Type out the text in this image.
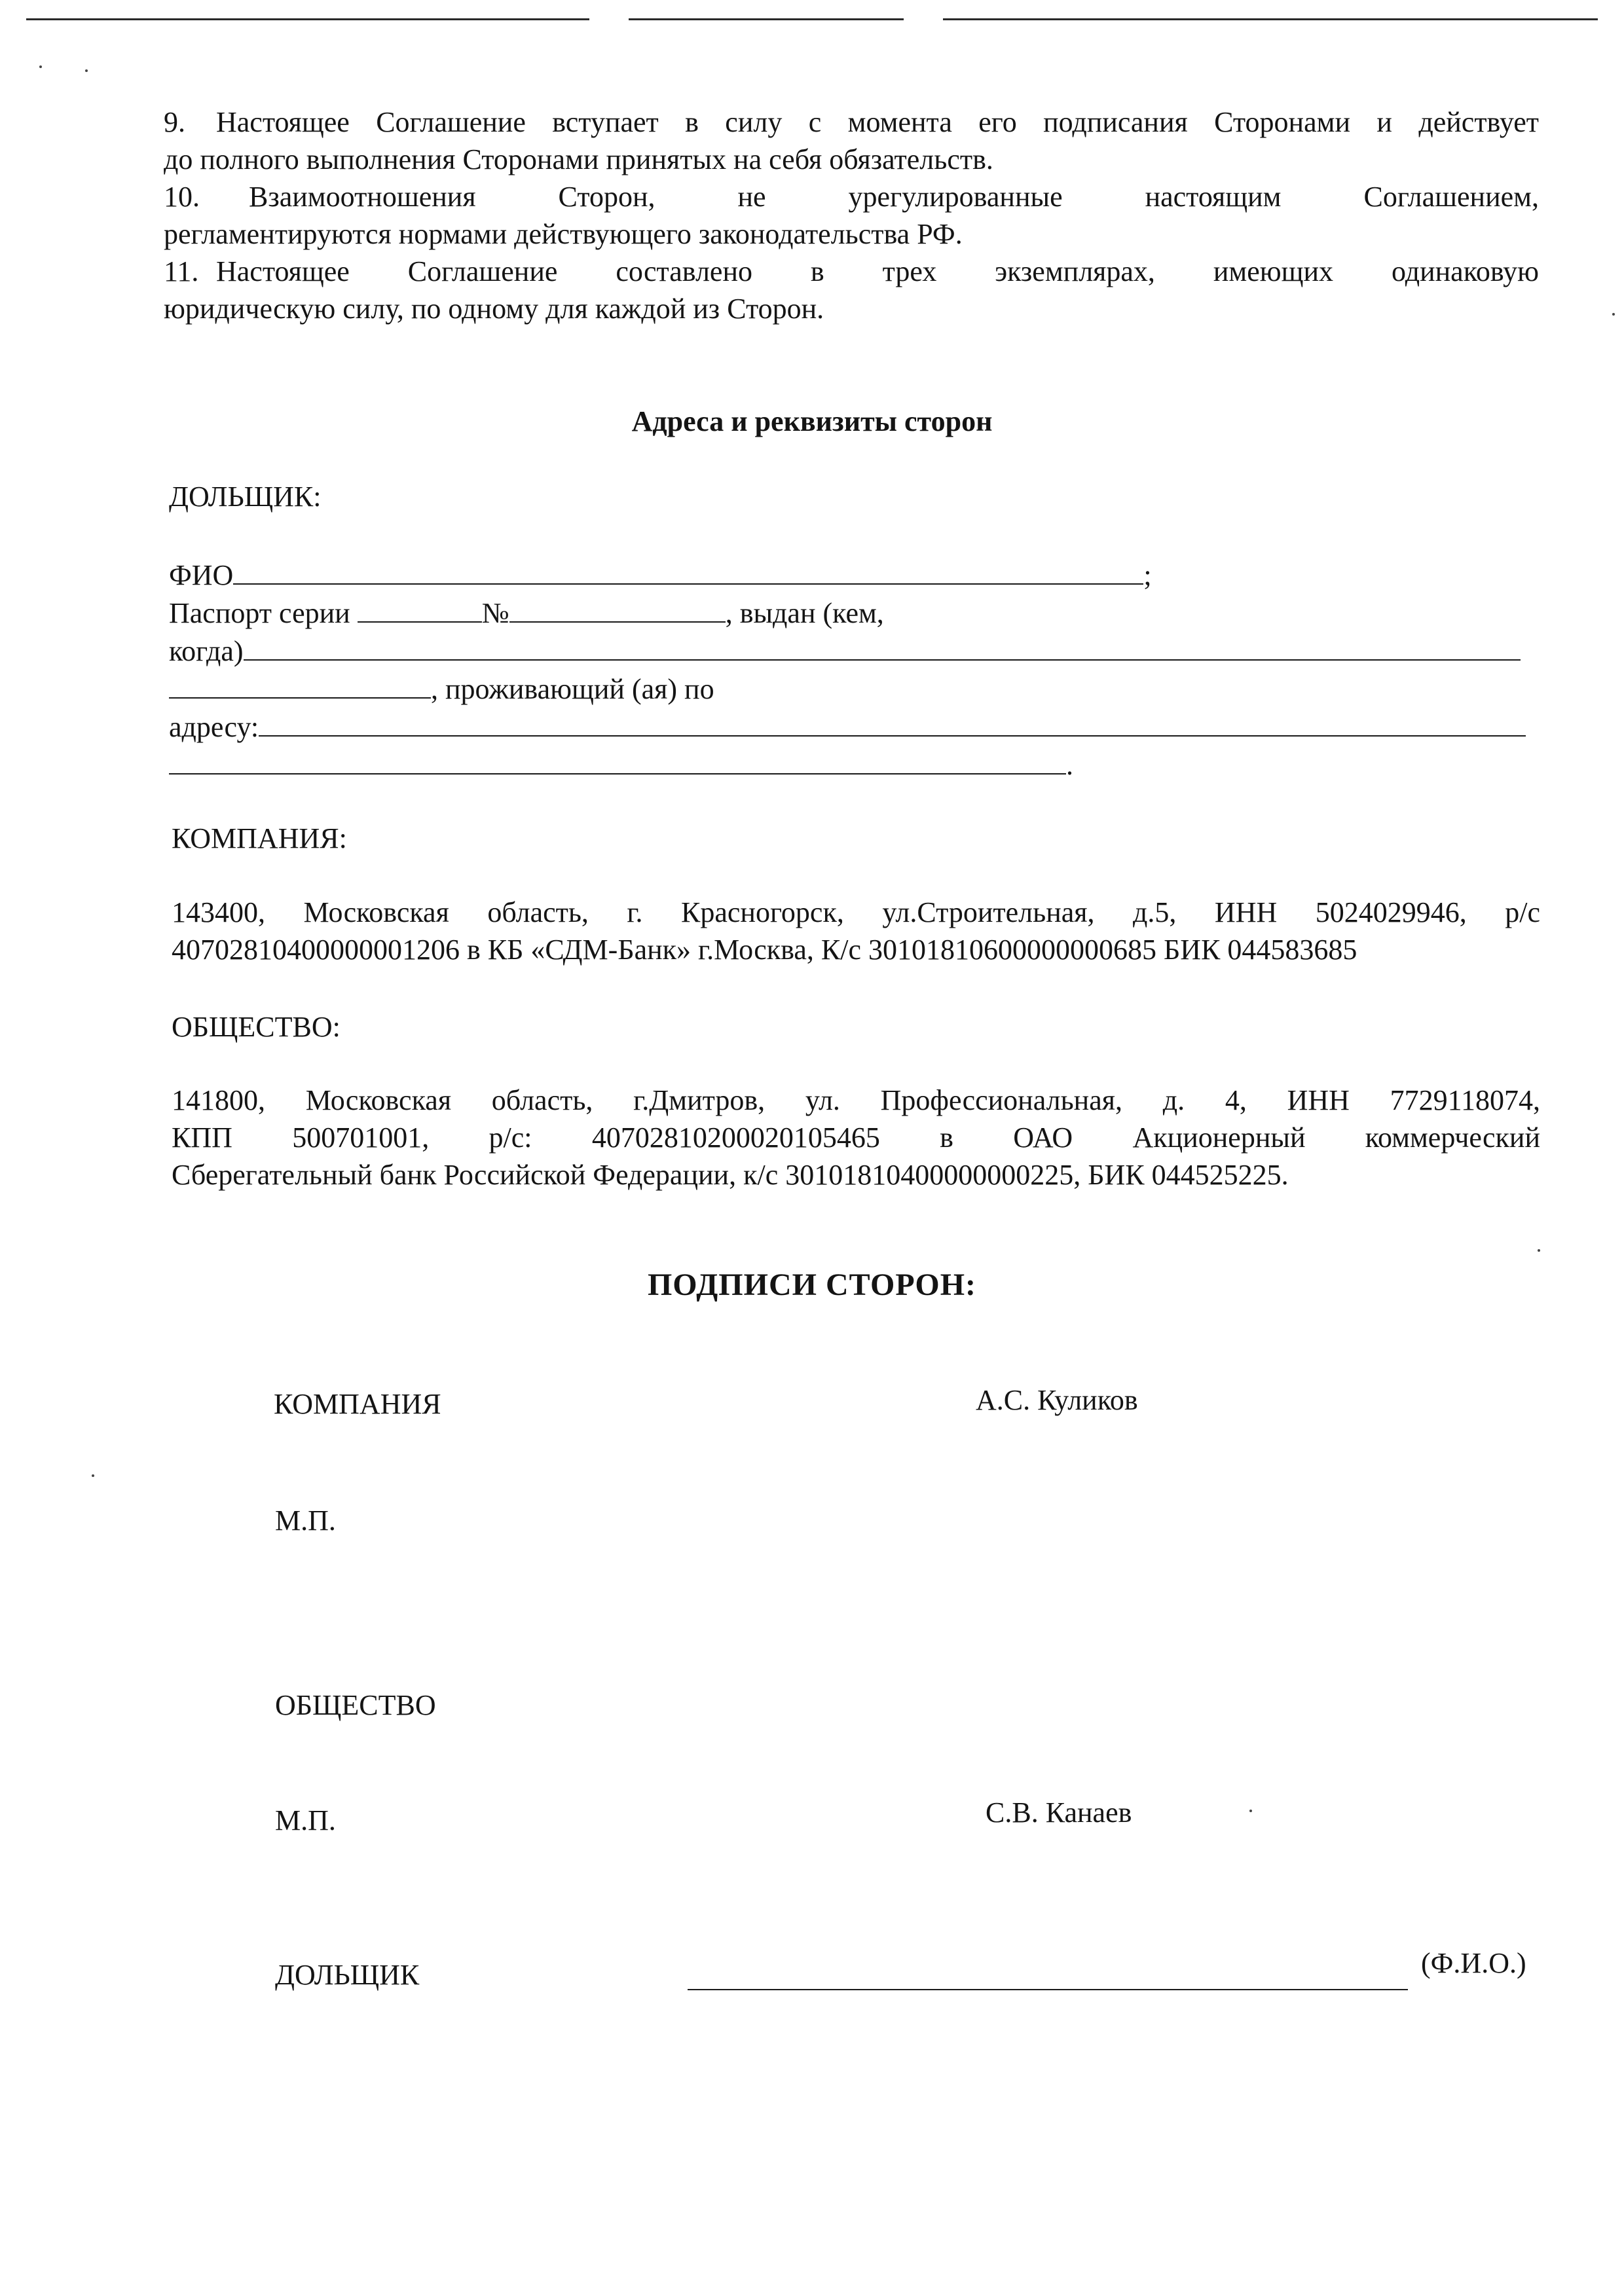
9. Настоящее Соглашение вступает в силу с момента его подписания Сторонами и действует
до полного выполнения Сторонами принятых на себя обязательств.
10. Взаимоотношения Сторон, не урегулированные настоящим Соглашением,
регламентируются нормами действующего законодательства РФ.
11. Настоящее Соглашение составлено в трех экземплярах, имеющих одинаковую
юридическую силу, по одному для каждой из Сторон.
Адреса и реквизиты сторон
ДОЛЬЩИК:
ФИО	;
Паспорт серии	№	, выдан (кем,
когда)
, проживающий (ая) по
адресу:
.
КОМПАНИЯ:
143400, Московская область, г. Красногорск, ул.Строительная, д.5, ИНН 5024029946, р/с
40702810400000001206 в КБ «СДМ-Банк» г.Москва, К/с 30101810600000000685 БИК 044583685
ОБЩЕСТВО:
141800, Московская область, г.Дмитров, ул. Профессиональная, д. 4, ИНН 7729118074,
КПП 500701001, р/с: 40702810200020105465 в ОАО Акционерный коммерческий
Сберегательный банк Российской Федерации, к/с 30101810400000000225, БИК 044525225.
ПОДПИСИ СТОРОН:
КОМПАНИЯ	А.С. Куликов
М.П.
ОБЩЕСТВО
М.П.	С.В. Канаев
ДОЛЬЩИК	(Ф.И.О.)
